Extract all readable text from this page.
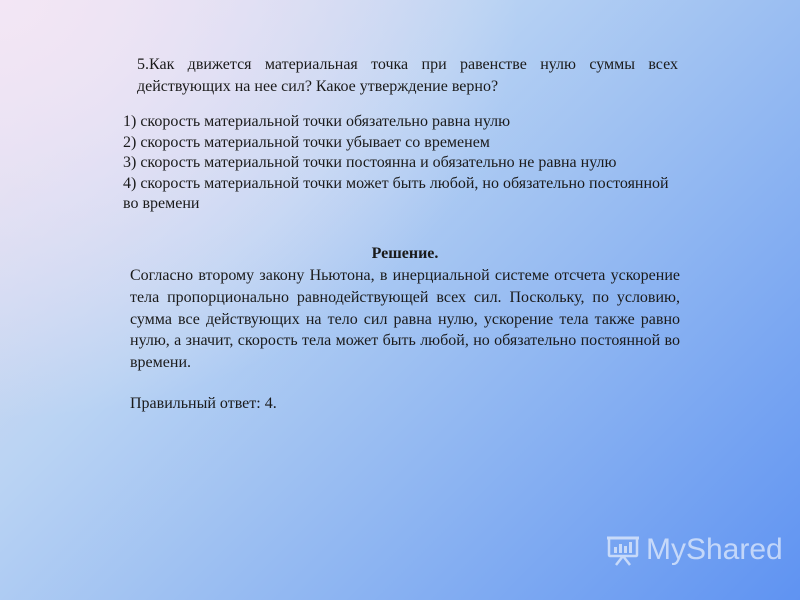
5.Как движется материальная точка при равенстве нулю суммы всех действующих на нее сил? Какое утверждение верно?

1) скорость материальной точки обязательно равна нулю
2) скорость материальной точки убывает со временем
3) скорость материальной точки постоянна и обязательно не равна нулю
4) скорость материальной точки может быть любой, но обязательно постоянной во времени

Решение.

Согласно второму закону Ньютона, в инерциальной системе отсчета ускорение тела пропорционально равнодействующей всех сил. Поскольку, по условию, сумма все действующих на тело сил равна нулю, ускорение тела также равно нулю, а значит, скорость тела может быть любой, но обязательно постоянной во времени.

Правильный ответ: 4.

MyShared
